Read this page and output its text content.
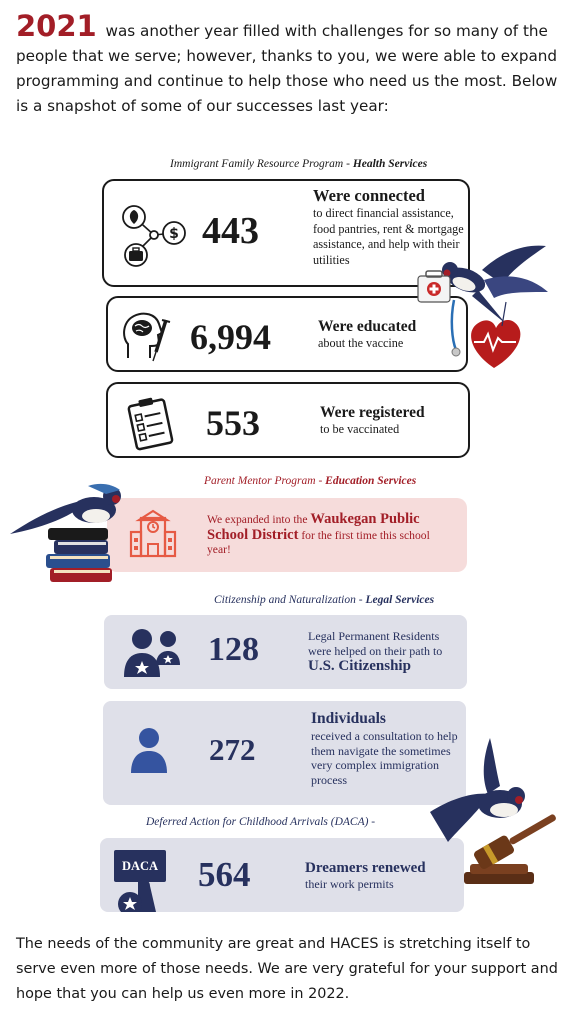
2021 was another year filled with challenges for so many of the people that we serve; however, thanks to you, we were able to expand programming and continue to help those who need us the most. Below is a snapshot of some of our successes last year:
Immigrant Family Resource Program - Health Services
$ 443
Were connected
to direct financial assistance, food pantries, rent & mortgage assistance, and help with their utilities
6,994	Were educated
about the vaccine
553	Were registered
to be vaccinated
Parent Mentor Program - Education Services
We expanded into the Waukegan Public School District for the first time this school year!
Citizenship and Naturalization - Legal Services
128	Legal Permanent Residents were helped on their path to
U.S. Citizenship
272
Individuals
received a consultation to help them navigate the sometimes very complex immigration process
Deferred Action for Childhood Arrivals (DACA) -
DACA 564	Dreamers renewed
their work permits
The needs of the community are great and HACES is stretching itself to serve even more of those needs. We are very grateful for your support and hope that you can help us even more in 2022.
